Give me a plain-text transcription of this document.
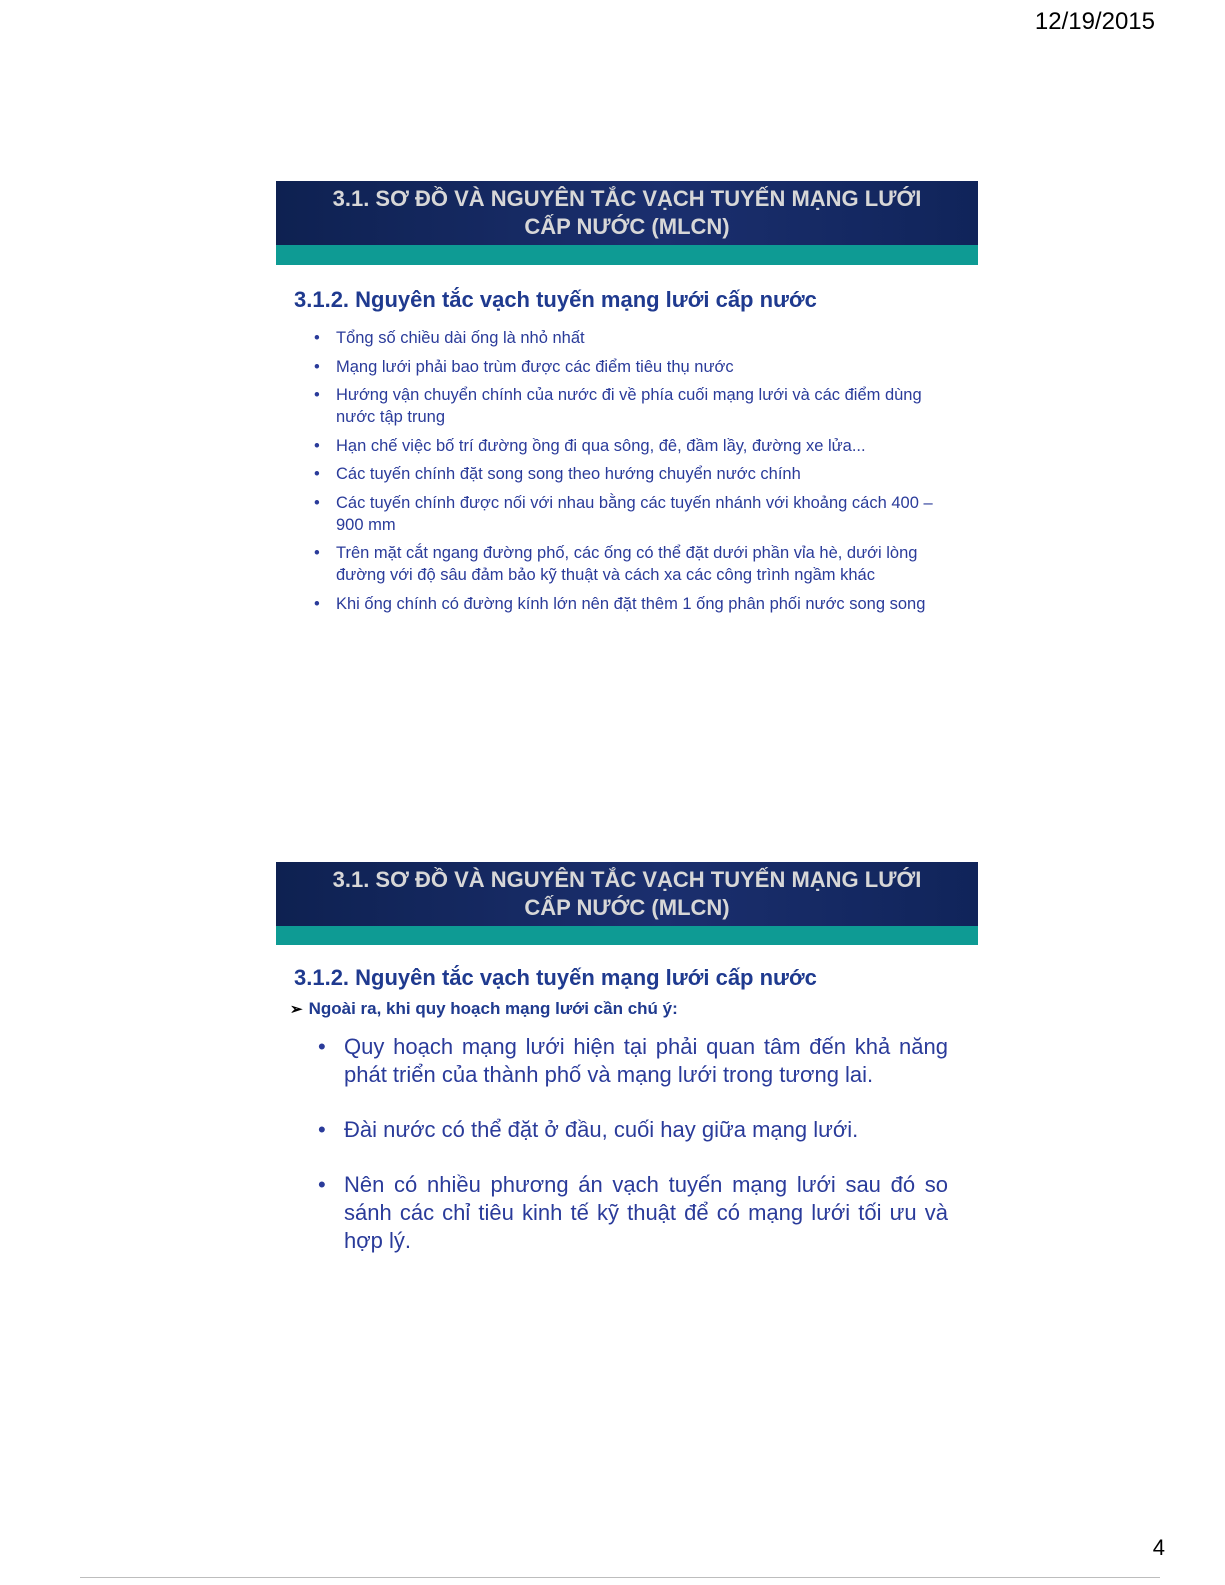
12/19/2015
3.1. SƠ ĐỒ VÀ NGUYÊN TẮC VẠCH TUYẾN MẠNG LƯỚI
CẤP NƯỚC (MLCN)
3.1.2. Nguyên tắc vạch tuyến mạng lưới cấp nước
• Tổng số chiều dài ống là nhỏ nhất
• Mạng lưới phải bao trùm được các điểm tiêu thụ nước
• Hướng vận chuyển chính của nước đi về phía cuối mạng lưới và các điểm dùng nước tập trung
• Hạn chế việc bố trí đường ồng đi qua sông, đê, đầm lầy, đường xe lửa...
• Các tuyến chính đặt song song theo hướng chuyển nước chính
• Các tuyến chính được nối với nhau bằng các tuyến nhánh với khoảng cách 400 – 900 mm
• Trên mặt cắt ngang đường phố, các ống có thể đặt dưới phần vỉa hè, dưới lòng đường với độ sâu đảm bảo kỹ thuật và cách xa các công trình ngầm khác
• Khi ống chính có đường kính lớn nên đặt thêm 1 ống phân phối nước song song
3.1. SƠ ĐỒ VÀ NGUYÊN TẮC VẠCH TUYẾN MẠNG LƯỚI
CẤP NƯỚC (MLCN)
3.1.2. Nguyên tắc vạch tuyến mạng lưới cấp nước
➢ Ngoài ra, khi quy hoạch mạng lưới cần chú ý:
• Quy hoạch mạng lưới hiện tại phải quan tâm đến khả năng phát triển của thành phố và mạng lưới trong tương lai.
• Đài nước có thể đặt ở đầu, cuối hay giữa mạng lưới.
• Nên có nhiều phương án vạch tuyến mạng lưới sau đó so sánh các chỉ tiêu kinh tế kỹ thuật để có mạng lưới tối ưu và hợp lý.
4
